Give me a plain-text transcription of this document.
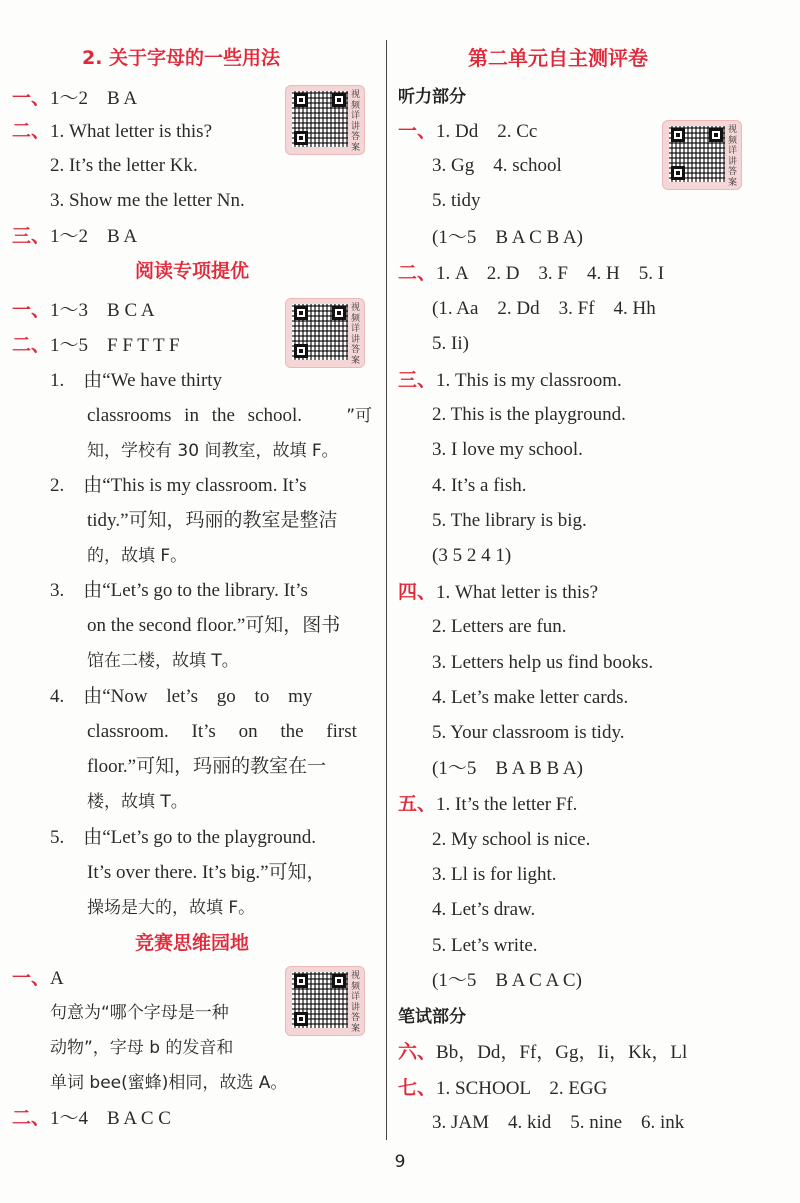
2. 关于字母的一些用法
一、1～2　B A
二、1. What letter is this?
2. It’s the letter Kk.
3. Show me the letter Nn.
三、1～2　B A
视频详讲答案
阅读专项提优
一、1～3　B C A
二、1～5　F F T T F
视频详讲答案
1.　由“We have thirty
classrooms in the school.	”可
知，学校有 30 间教室，故填 F。
2.　由“This is my classroom. It’s
tidy.”可知，玛丽的教室是整洁
的，故填 F。
3.　由“Let’s go to the library. It’s
on the second floor.”可知，图书
馆在二楼，故填 T。
4.　由“Now let’s go to my
classroom. It’s on the first
floor.”可知，玛丽的教室在一
楼，故填 T。
5.　由“Let’s go to the playground.
It’s over there. It’s big.”可知，
操场是大的，故填 F。
竞赛思维园地
一、A
句意为“哪个字母是一种
动物”，字母 b 的发音和
单词 bee(蜜蜂)相同，故选 A。
二、1～4　B A C C
视频详讲答案
第二单元自主测评卷
听力部分
一、1. Dd　2. Cc
3. Gg　4. school
5. tidy
(1～5　B A C B A)
视频详讲答案
二、1. A　2. D　3. F　4. H　5. I
(1. Aa　2. Dd　3. Ff　4. Hh
5. Ii)
三、1. This is my classroom.
2. This is the playground.
3. I love my school.
4. It’s a fish.
5. The library is big.
(3 5 2 4 1)
四、1. What letter is this?
2. Letters are fun.
3. Letters help us find books.
4. Let’s make letter cards.
5. Your classroom is tidy.
(1～5　B A B B A)
五、1. It’s the letter Ff.
2. My school is nice.
3. Ll is for light.
4. Let’s draw.
5. Let’s write.
(1～5　B A C A C)
笔试部分
六、Bb，Dd，Ff，Gg，Ii，Kk，Ll
七、1. SCHOOL　2. EGG
3. JAM　4. kid　5. nine　6. ink
9
